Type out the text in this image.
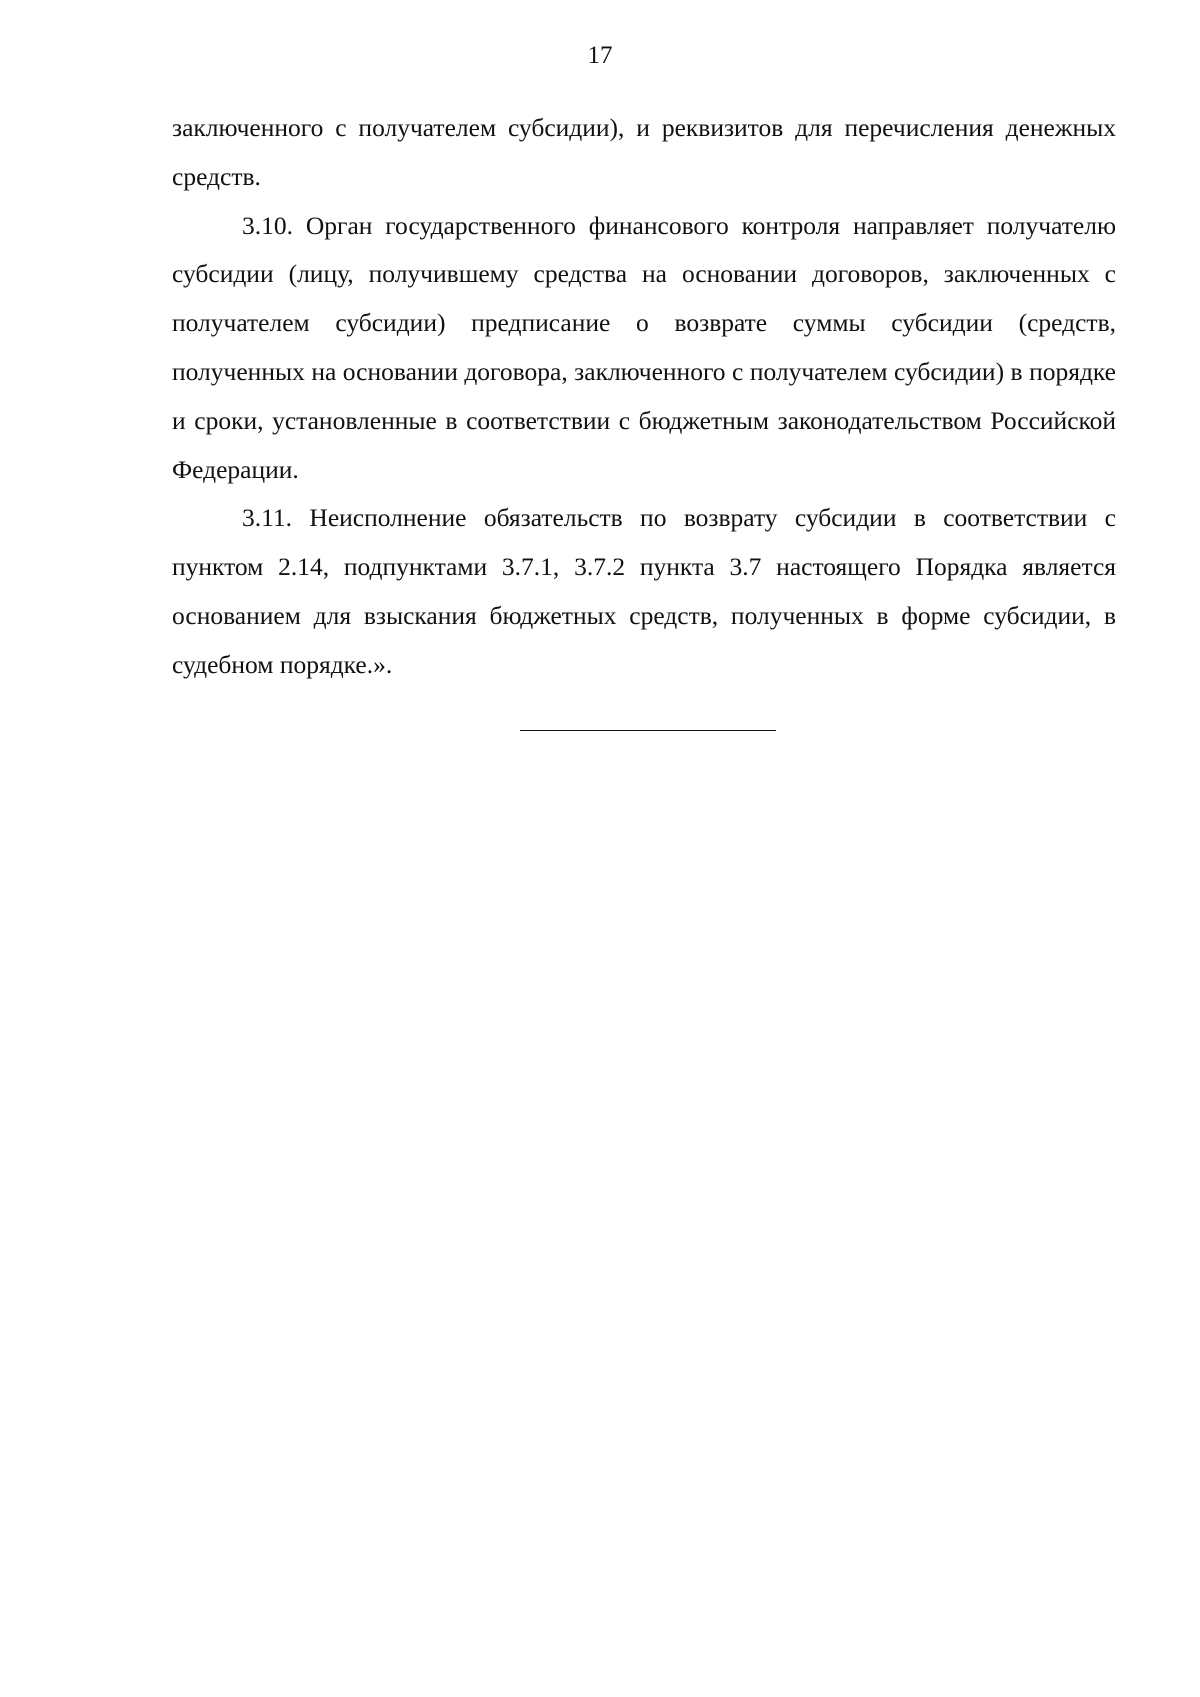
17

заключенного с получателем субсидии), и реквизитов для перечисления денежных средств.

3.10. Орган государственного финансового контроля направляет получателю субсидии (лицу, получившему средства на основании договоров, заключенных с получателем субсидии) предписание о возврате суммы субсидии (средств, полученных на основании договора, заключенного с получателем субсидии) в порядке и сроки, установленные в соответствии с бюджетным законодательством Российской Федерации.

3.11. Неисполнение обязательств по возврату субсидии в соответствии с пунктом 2.14, подпунктами 3.7.1, 3.7.2 пункта 3.7 настоящего Порядка является основанием для взыскания бюджетных средств, полученных в форме субсидии, в судебном порядке.».
